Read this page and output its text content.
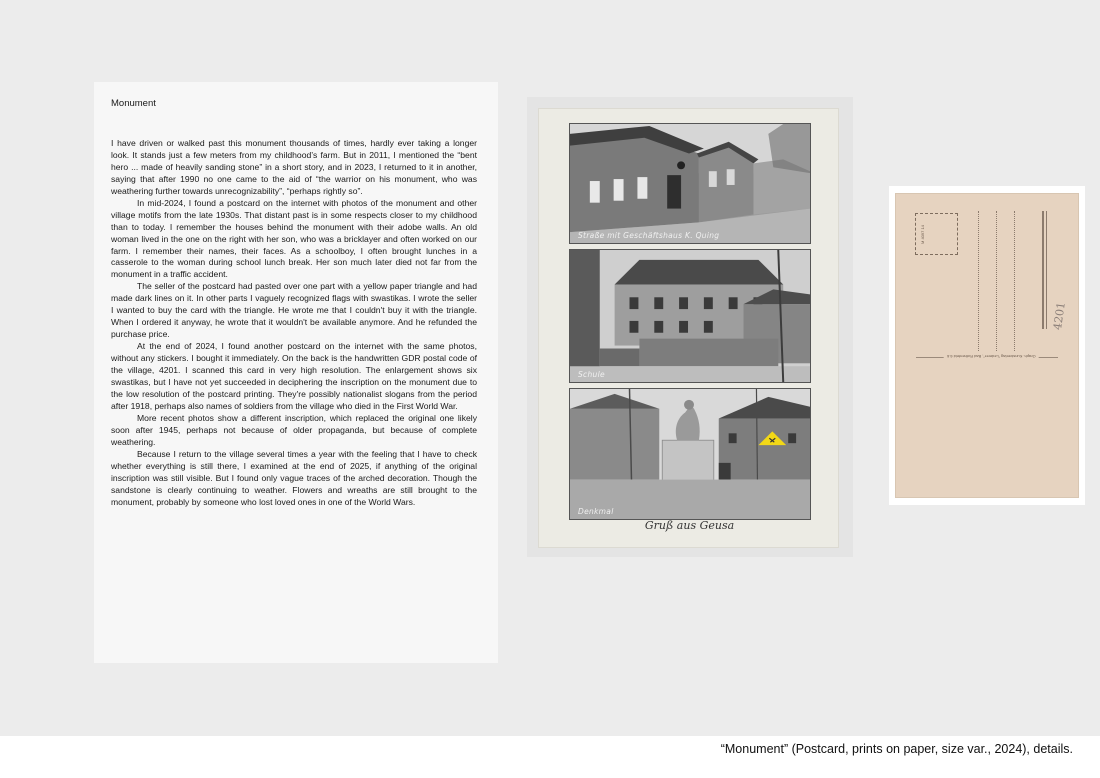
“Monument” (Postcard, prints on paper, size var., 2024), details.
Monument

I have driven or walked past this monument thousands of times, hardly ever taking a longer look. It stands just a few meters from my childhood’s farm. But in 2011, I mentioned the “bent hero ... made of heavily sanding stone” in a short story, and in 2023, I returned to it in another, saying that after 1990 no one came to the aid of “the warrior on his monument, who was weathering further towards unrecognizability”, “perhaps rightly so”.

In mid-2024, I found a postcard on the internet with photos of the monument and other village motifs from the late 1930s. That distant past is in some respects closer to my childhood than to today. I remember the houses behind the monument with their adobe walls. An old woman lived in the one on the right with her son, who was a bricklayer and often worked on our farm. I remember their names, their faces. As a schoolboy, I often brought lunches in a casserole to the woman during school lunch break. Her son much later died not far from the monument in a traffic accident.

The seller of the postcard had pasted over one part with a yellow paper triangle and had made dark lines on it. In other parts I vaguely recognized flags with swastikas. I wrote the seller I wanted to buy the card with the triangle. He wrote me that I couldn't buy it with the triangle. When I ordered it anyway, he wrote that it wouldn't be available anymore. And he refunded the purchase price.

At the end of 2024, I found another postcard on the internet with the same photos, without any stickers. I bought it immediately. On the back is the handwritten GDR postal code of the village, 4201. I scanned this card in very high resolution. The enlargement shows six swastikas, but I have not yet succeeded in deciphering the inscription on the monument due to the low resolution of the postcard printing. They're possibly nationalist slogans from the period after 1918, perhaps also names of soldiers from the village who died in the First World War.

More recent photos show a different inscription, which replaced the original one likely soon after 1945, perhaps not because of older propaganda, but because of complete weathering.

Because I return to the village several times a year with the feeling that I have to check whether everything is still there, I examined at the end of 2025, if anything of the original inscription was still visible. But I found only vague traces of the arched decoration. Though the sandstone is clearly continuing to weather. Flowers and wreaths are still brought to the monument, probably by someone who lost loved ones in one of the World Wars.

Straße mit Geschäftshaus K. Quing
Schule
Denkmal
Gruß aus Geusa
M 4097 14
Graph. Kunstverlag "Lederer", Bad Rothenfeld 6.6
4201
